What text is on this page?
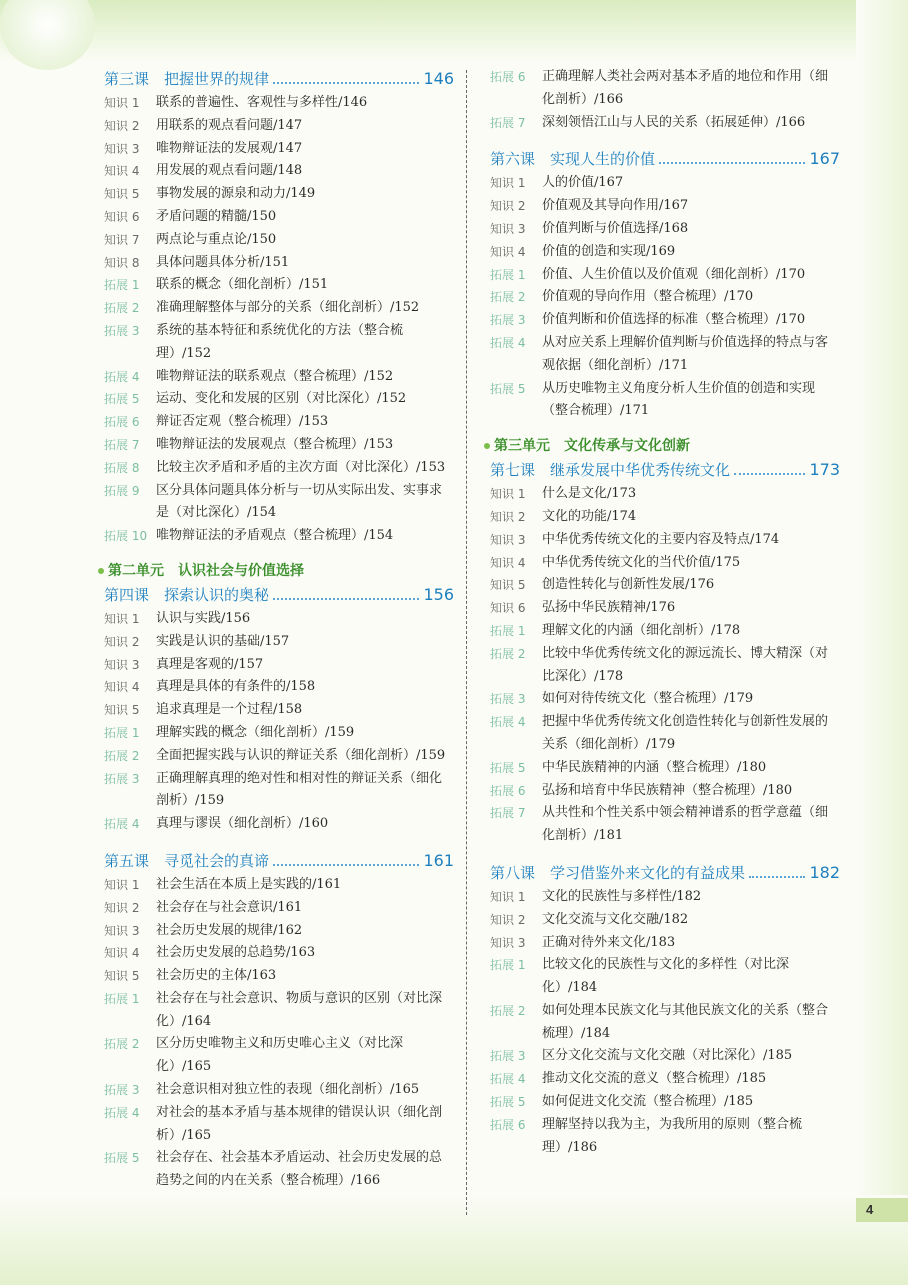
4
第三课　把握世界的规律	146
知识 1	联系的普遍性、客观性与多样性/146
知识 2	用联系的观点看问题/147
知识 3	唯物辩证法的发展观/147
知识 4	用发展的观点看问题/148
知识 5	事物发展的源泉和动力/149
知识 6	矛盾问题的精髓/150
知识 7	两点论与重点论/150
知识 8	具体问题具体分析/151
拓展 1	联系的概念（细化剖析）/151
拓展 2	准确理解整体与部分的关系（细化剖析）/152
拓展 3	系统的基本特征和系统优化的方法（整合梳理）/152
拓展 4	唯物辩证法的联系观点（整合梳理）/152
拓展 5	运动、变化和发展的区别（对比深化）/152
拓展 6	辩证否定观（整合梳理）/153
拓展 7	唯物辩证法的发展观点（整合梳理）/153
拓展 8	比较主次矛盾和矛盾的主次方面（对比深化）/153
拓展 9	区分具体问题具体分析与一切从实际出发、实事求是（对比深化）/154
拓展 10 唯物辩证法的矛盾观点（整合梳理）/154
第二单元　认识社会与价值选择
第四课　探索认识的奥秘	156
知识 1	认识与实践/156
知识 2	实践是认识的基础/157
知识 3	真理是客观的/157
知识 4	真理是具体的有条件的/158
知识 5	追求真理是一个过程/158
拓展 1	理解实践的概念（细化剖析）/159
拓展 2	全面把握实践与认识的辩证关系（细化剖析）/159
拓展 3	正确理解真理的绝对性和相对性的辩证关系（细化剖析）/159
拓展 4	真理与谬误（细化剖析）/160
第五课　寻觅社会的真谛	161
知识 1	社会生活在本质上是实践的/161
知识 2	社会存在与社会意识/161
知识 3	社会历史发展的规律/162
知识 4	社会历史发展的总趋势/163
知识 5	社会历史的主体/163
拓展 1	社会存在与社会意识、物质与意识的区别（对比深化）/164
拓展 2	区分历史唯物主义和历史唯心主义（对比深化）/165
拓展 3	社会意识相对独立性的表现（细化剖析）/165
拓展 4	对社会的基本矛盾与基本规律的错误认识（细化剖析）/165
拓展 5	社会存在、社会基本矛盾运动、社会历史发展的总趋势之间的内在关系（整合梳理）/166
拓展 6	正确理解人类社会两对基本矛盾的地位和作用（细化剖析）/166
拓展 7	深刻领悟江山与人民的关系（拓展延伸）/166
第六课　实现人生的价值	167
知识 1	人的价值/167
知识 2	价值观及其导向作用/167
知识 3	价值判断与价值选择/168
知识 4	价值的创造和实现/169
拓展 1	价值、人生价值以及价值观（细化剖析）/170
拓展 2	价值观的导向作用（整合梳理）/170
拓展 3	价值判断和价值选择的标准（整合梳理）/170
拓展 4	从对应关系上理解价值判断与价值选择的特点与客观依据（细化剖析）/171
拓展 5	从历史唯物主义角度分析人生价值的创造和实现（整合梳理）/171
第三单元　文化传承与文化创新
第七课　继承发展中华优秀传统文化	173
知识 1	什么是文化/173
知识 2	文化的功能/174
知识 3	中华优秀传统文化的主要内容及特点/174
知识 4	中华优秀传统文化的当代价值/175
知识 5	创造性转化与创新性发展/176
知识 6	弘扬中华民族精神/176
拓展 1	理解文化的内涵（细化剖析）/178
拓展 2	比较中华优秀传统文化的源远流长、博大精深（对比深化）/178
拓展 3	如何对待传统文化（整合梳理）/179
拓展 4	把握中华优秀传统文化创造性转化与创新性发展的关系（细化剖析）/179
拓展 5	中华民族精神的内涵（整合梳理）/180
拓展 6	弘扬和培育中华民族精神（整合梳理）/180
拓展 7	从共性和个性关系中领会精神谱系的哲学意蕴（细化剖析）/181
第八课　学习借鉴外来文化的有益成果	182
知识 1	文化的民族性与多样性/182
知识 2	文化交流与文化交融/182
知识 3	正确对待外来文化/183
拓展 1	比较文化的民族性与文化的多样性（对比深化）/184
拓展 2	如何处理本民族文化与其他民族文化的关系（整合梳理）/184
拓展 3	区分文化交流与文化交融（对比深化）/185
拓展 4	推动文化交流的意义（整合梳理）/185
拓展 5	如何促进文化交流（整合梳理）/185
拓展 6	理解坚持以我为主，为我所用的原则（整合梳理）/186
